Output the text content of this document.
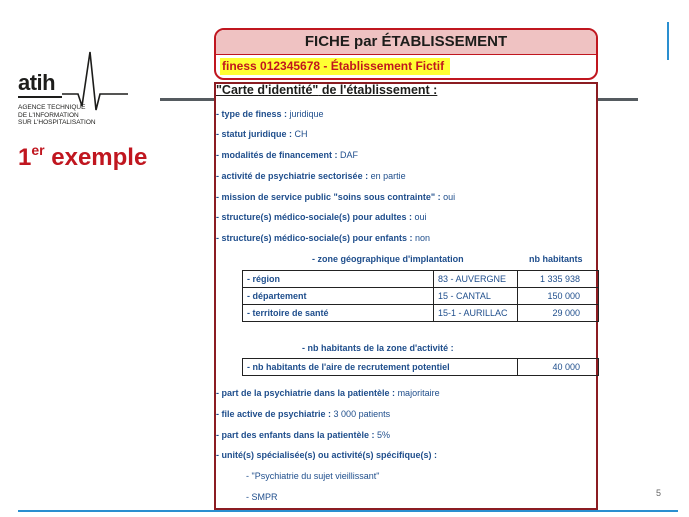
atih
AGENCE TECHNIQUE
DE L'INFORMATION
SUR L'HOSPITALISATION
1er exemple
5
FICHE par ÉTABLISSEMENT
finess 012345678 - Établissement Fictif
"Carte d'identité" de l'établissement :
- type de finess : juridique
- statut juridique : CH
- modalités de financement : DAF
- activité de psychiatrie sectorisée : en partie
- mission de service public "soins sous contrainte" : oui
- structure(s) médico-sociale(s) pour adultes : oui
- structure(s) médico-sociale(s) pour enfants : non
- zone géographique d'implantation	nb habitants
- région	83 - AUVERGNE	1 335 938
- département	15 - CANTAL	150 000
- territoire de santé	15-1 - AURILLAC	29 000
- nb habitants de la zone d'activité :
- nb habitants de l'aire de recrutement potentiel	40 000
- part de la psychiatrie dans la patientèle : majoritaire
- file active de psychiatrie : 3 000 patients
- part des enfants dans la patientèle : 5%
- unité(s) spécialisée(s) ou activité(s) spécifique(s) :
- "Psychiatrie du sujet vieillissant"
- SMPR
